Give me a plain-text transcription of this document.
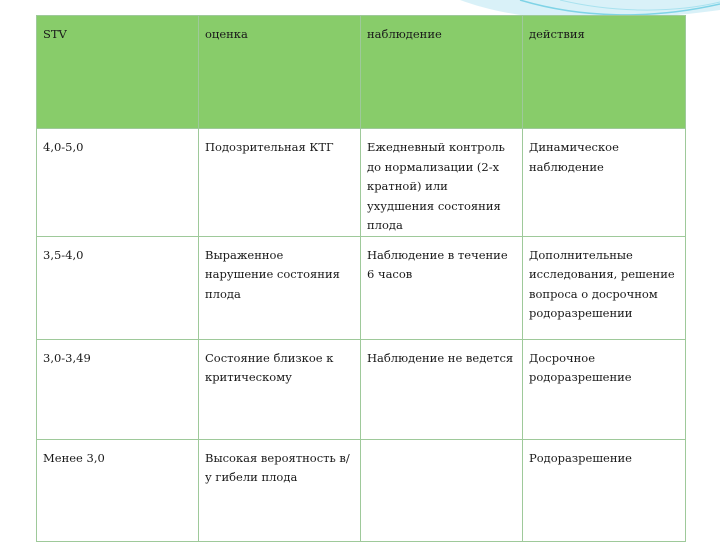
STV	оценка	наблюдение	действия
4,0-5,0	Подозрительная КТГ	Ежедневный контроль до нормализации (2-х кратной) или ухудшения состояния плода	Динамическое наблюдение
3,5-4,0	Выраженное нарушение состояния плода	Наблюдение в течение 6 часов	Дополнительные исследования, решение вопроса о досрочном родоразрешении
3,0-3,49	Состояние близкое к критическому	Наблюдение не ведется	Досрочное родоразрешение
Менее 3,0	Высокая вероятность в/у гибели плода		Родоразрешение
